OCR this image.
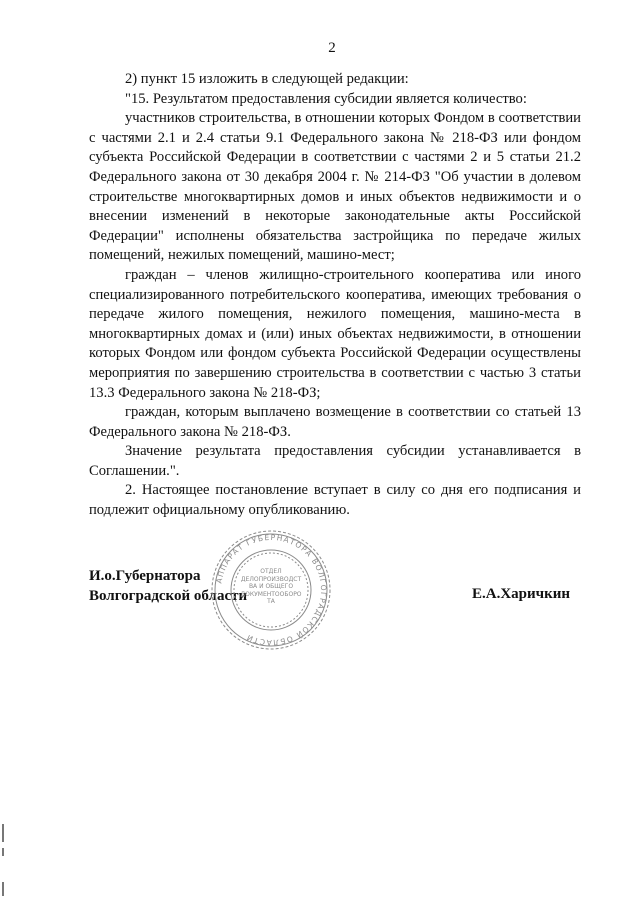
2

2) пункт 15 изложить в следующей редакции:

"15. Результатом предоставления субсидии является количество:

участников строительства, в отношении которых Фондом в соответствии с частями 2.1 и 2.4 статьи 9.1 Федерального закона № 218-ФЗ или фондом субъекта Российской Федерации в соответствии с частями 2 и 5 статьи 21.2 Федерального закона от 30 декабря 2004 г. № 214-ФЗ "Об участии в долевом строительстве многоквартирных домов и иных объектов недвижимости и о внесении изменений в некоторые законодательные акты Российской Федерации" исполнены обязательства застройщика по передаче жилых помещений, нежилых помещений, машино-мест;

граждан – членов жилищно-строительного кооператива или иного специализированного потребительского кооператива, имеющих требования о передаче жилого помещения, нежилого помещения, машино-места в многоквартирных домах и (или) иных объектах недвижимости, в отношении которых Фондом или фондом субъекта Российской Федерации осуществлены мероприятия по завершению строительства в соответствии с частью 3 статьи 13.3 Федерального закона № 218-ФЗ;

граждан, которым выплачено возмещение в соответствии со статьей 13 Федерального закона № 218-ФЗ.

Значение результата предоставления субсидии устанавливается в Соглашении.".

2. Настоящее постановление вступает в силу со дня его подписания и подлежит официальному опубликованию.

И.о.Губернатора
Волгоградской области	Е.А.Харичкин
АППАРАТ ГУБЕРНАТОРА ВОЛГОГРАДСКОЙ ОБЛАСТИ
ОТДЕЛ ДЕЛОПРОИЗВОДСТВА И ОБЩЕГО ДОКУМЕНТООБОРОТА
